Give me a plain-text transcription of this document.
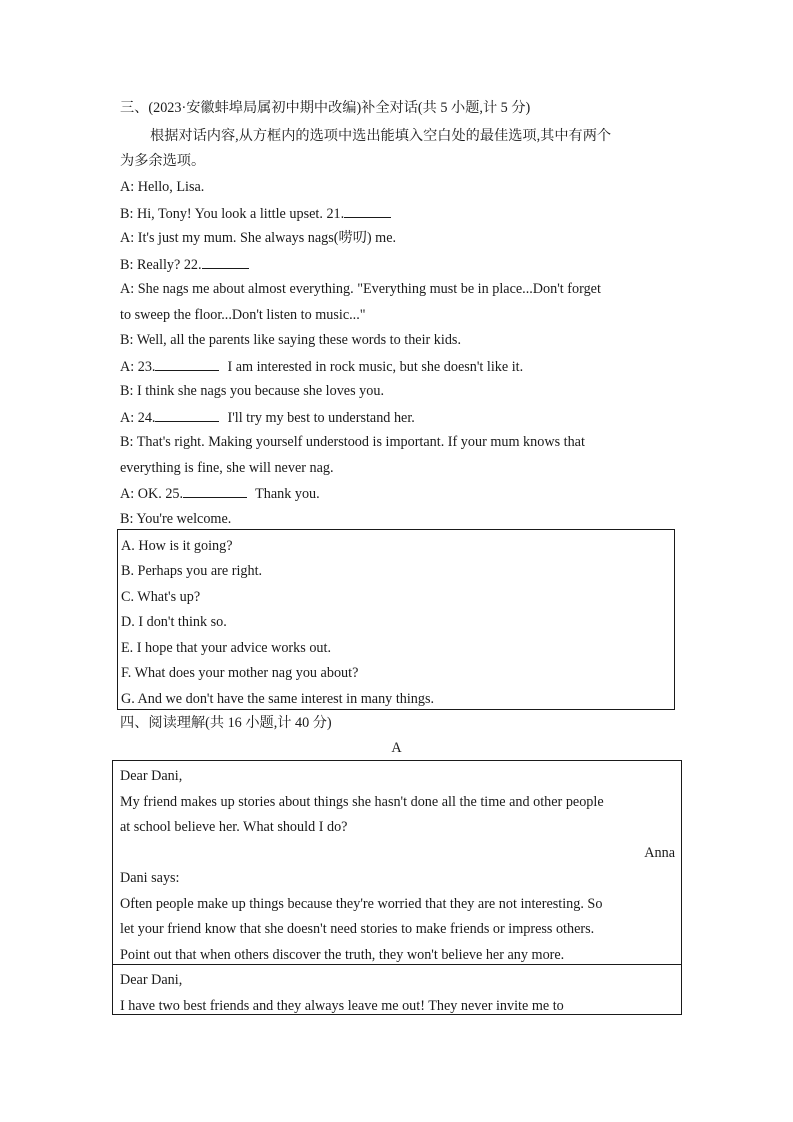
三、(2023·安徽蚌埠局属初中期中改编)补全对话(共 5 小题,计 5 分)
根据对话内容,从方框内的选项中选出能填入空白处的最佳选项,其中有两个
为多余选项。
A: Hello, Lisa.
B: Hi, Tony! You look a little upset. 21.
A: It's just my mum. She always nags(唠叨) me.
B: Really? 22.
A: She nags me about almost everything. "Everything must be in place...Don't forget
to sweep the floor...Don't listen to music..."
B: Well, all the parents like saying these words to their kids.
A: 23.	I am interested in rock music, but she doesn't like it.
B: I think she nags you because she loves you.
A: 24.	I'll try my best to understand her.
B: That's right. Making yourself understood is important. If your mum knows that
everything is fine, she will never nag.
A: OK. 25.	Thank you.
B: You're welcome.
A. How is it going?
B. Perhaps you are right.
C. What's up?
D. I don't think so.
E. I hope that your advice works out.
F. What does your mother nag you about?
G. And we don't have the same interest in many things.
四、阅读理解(共 16 小题,计 40 分)
A
Dear Dani,
My friend makes up stories about things she hasn't done all the time and other people
at school believe her. What should I do?
Anna
Dani says:
Often people make up things because they're worried that they are not interesting. So
let your friend know that she doesn't need stories to make friends or impress others.
Point out that when others discover the truth, they won't believe her any more.
Dear Dani,
I have two best friends and they always leave me out! They never invite me to
